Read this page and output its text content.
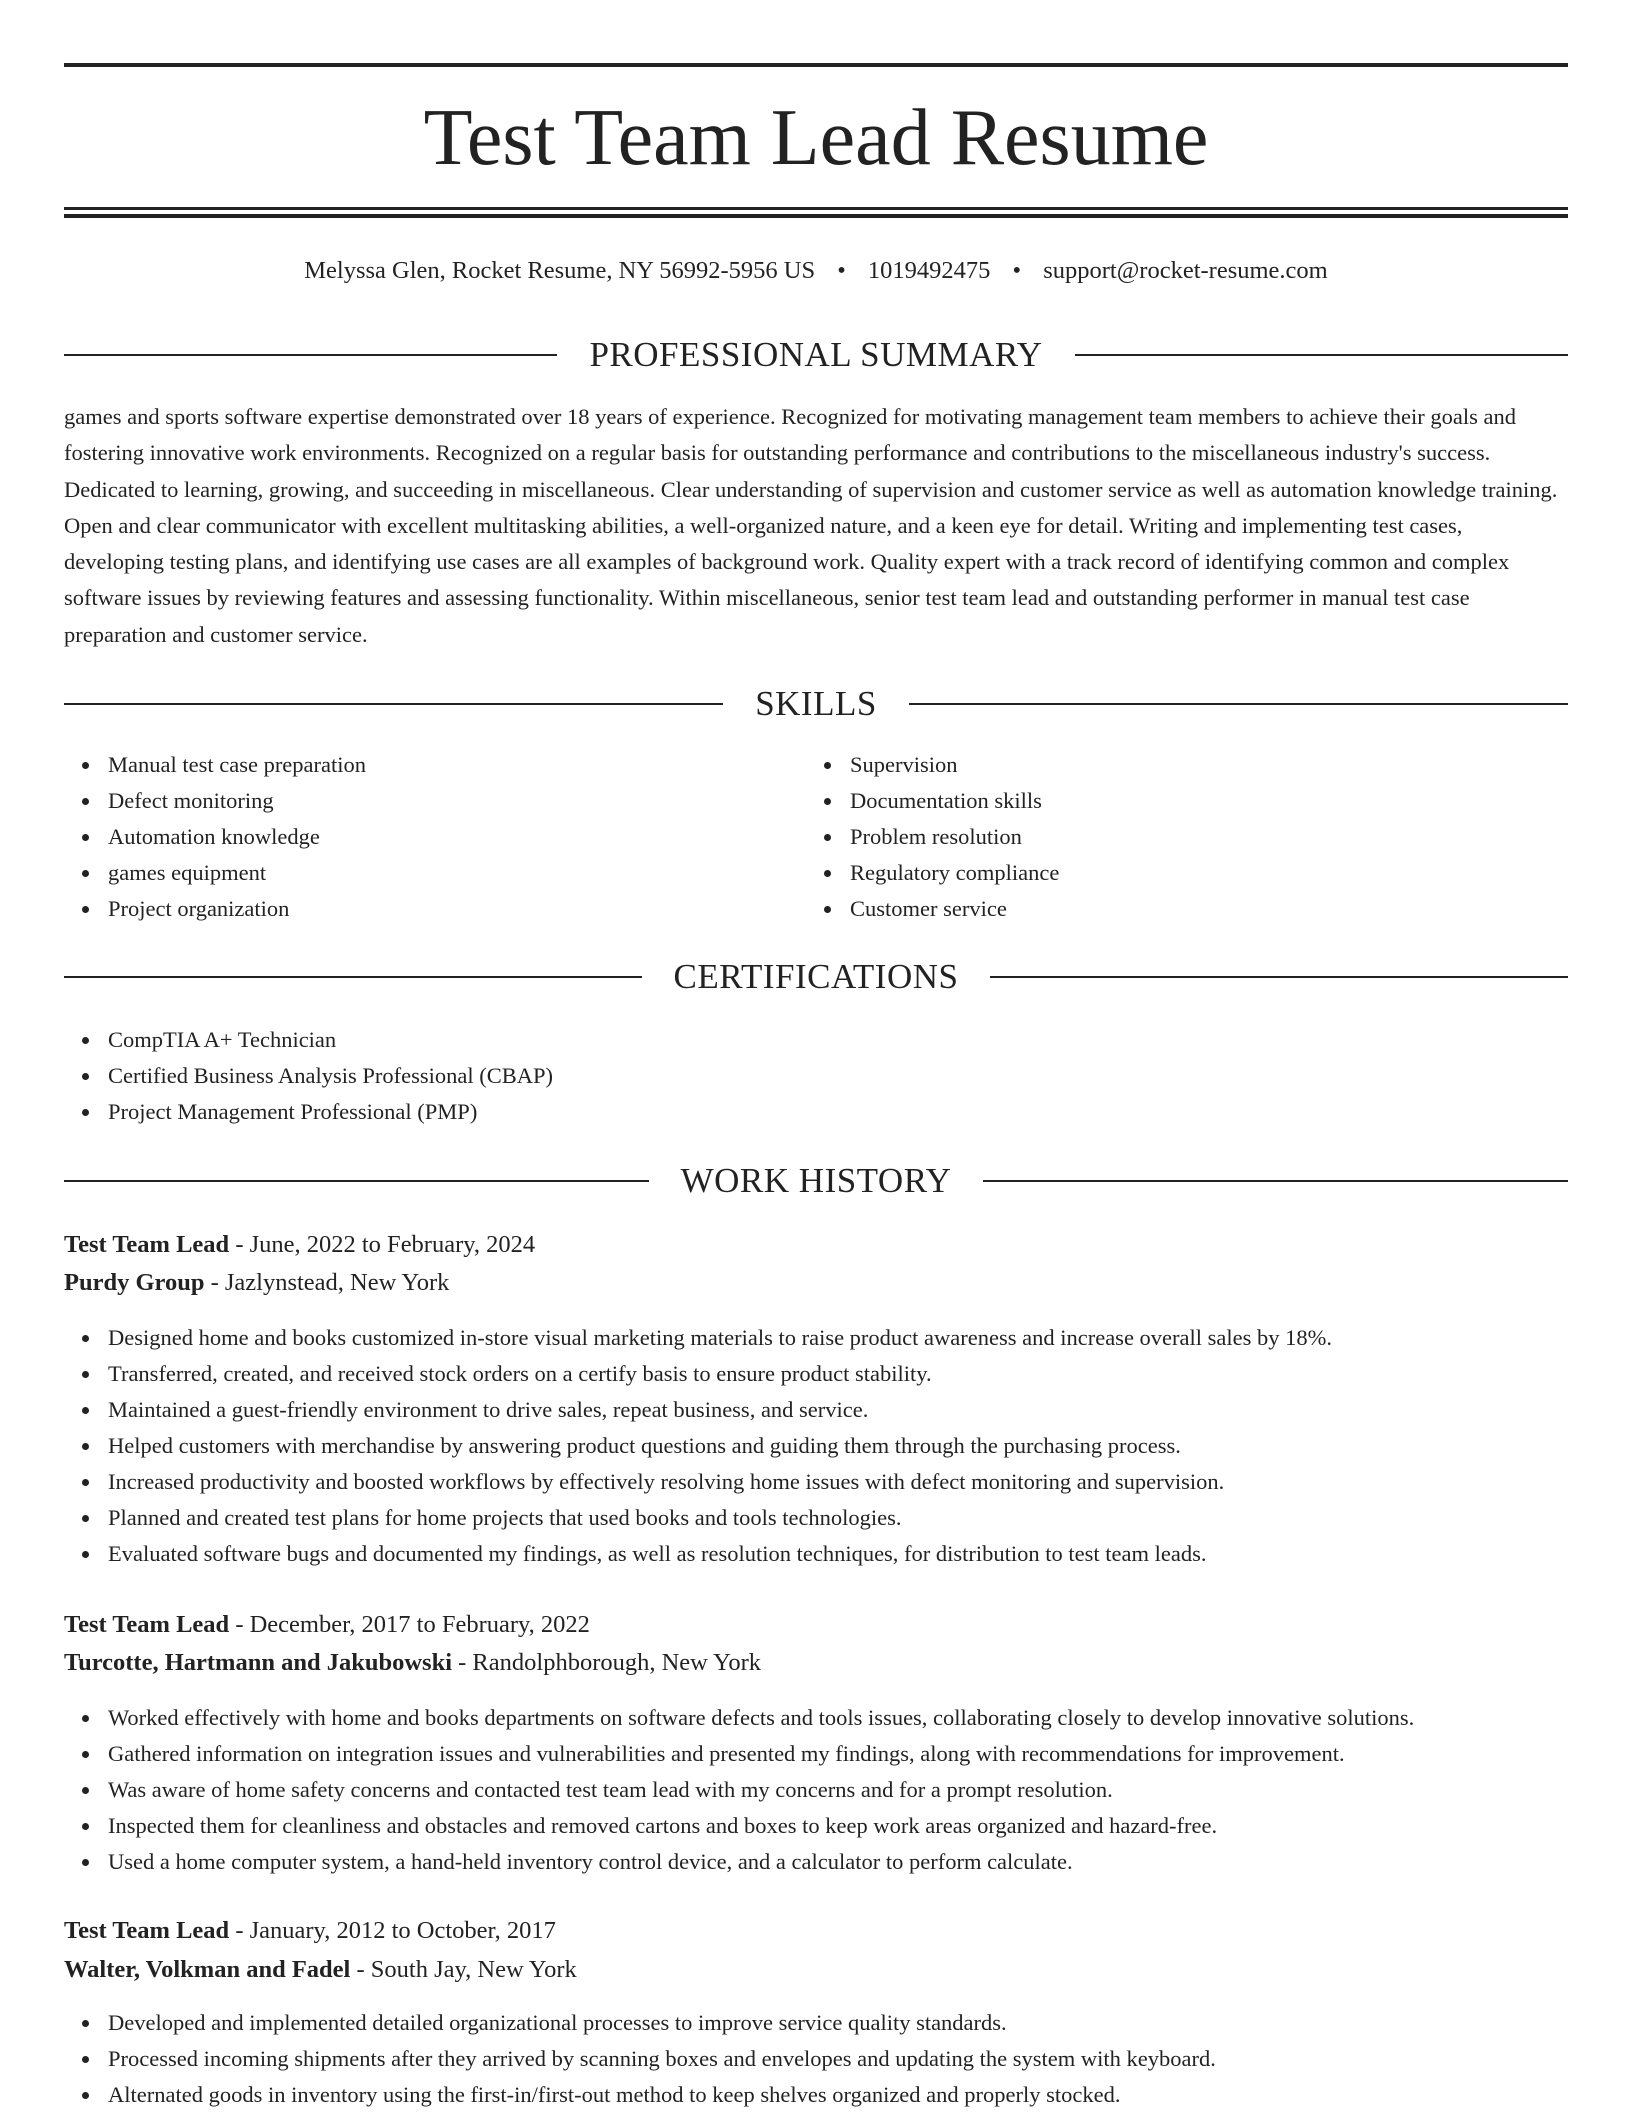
Test Team Lead Resume
Melyssa Glen, Rocket Resume, NY 56992-5956 US • 1019492475 • support@rocket-resume.com
PROFESSIONAL SUMMARY

games and sports software expertise demonstrated over 18 years of experience. Recognized for motivating management team members to achieve their goals and fostering innovative work environments. Recognized on a regular basis for outstanding performance and contributions to the miscellaneous industry's success. Dedicated to learning, growing, and succeeding in miscellaneous. Clear understanding of supervision and customer service as well as automation knowledge training. Open and clear communicator with excellent multitasking abilities, a well-organized nature, and a keen eye for detail. Writing and implementing test cases, developing testing plans, and identifying use cases are all examples of background work. Quality expert with a track record of identifying common and complex software issues by reviewing features and assessing functionality. Within miscellaneous, senior test team lead and outstanding performer in manual test case preparation and customer service.

SKILLS
Manual test case preparation
Defect monitoring
Automation knowledge
games equipment
Project organization
Supervision
Documentation skills
Problem resolution
Regulatory compliance
Customer service
CERTIFICATIONS
CompTIA A+ Technician
Certified Business Analysis Professional (CBAP)
Project Management Professional (PMP)
WORK HISTORY
Test Team Lead - June, 2022 to February, 2024
Purdy Group - Jazlynstead, New York
Designed home and books customized in-store visual marketing materials to raise product awareness and increase overall sales by 18%.
Transferred, created, and received stock orders on a certify basis to ensure product stability.
Maintained a guest-friendly environment to drive sales, repeat business, and service.
Helped customers with merchandise by answering product questions and guiding them through the purchasing process.
Increased productivity and boosted workflows by effectively resolving home issues with defect monitoring and supervision.
Planned and created test plans for home projects that used books and tools technologies.
Evaluated software bugs and documented my findings, as well as resolution techniques, for distribution to test team leads.
Test Team Lead - December, 2017 to February, 2022
Turcotte, Hartmann and Jakubowski - Randolphborough, New York
Worked effectively with home and books departments on software defects and tools issues, collaborating closely to develop innovative solutions.
Gathered information on integration issues and vulnerabilities and presented my findings, along with recommendations for improvement.
Was aware of home safety concerns and contacted test team lead with my concerns and for a prompt resolution.
Inspected them for cleanliness and obstacles and removed cartons and boxes to keep work areas organized and hazard-free.
Used a home computer system, a hand-held inventory control device, and a calculator to perform calculate.
Test Team Lead - January, 2012 to October, 2017
Walter, Volkman and Fadel - South Jay, New York
Developed and implemented detailed organizational processes to improve service quality standards.
Processed incoming shipments after they arrived by scanning boxes and envelopes and updating the system with keyboard.
Alternated goods in inventory using the first-in/first-out method to keep shelves organized and properly stocked.
